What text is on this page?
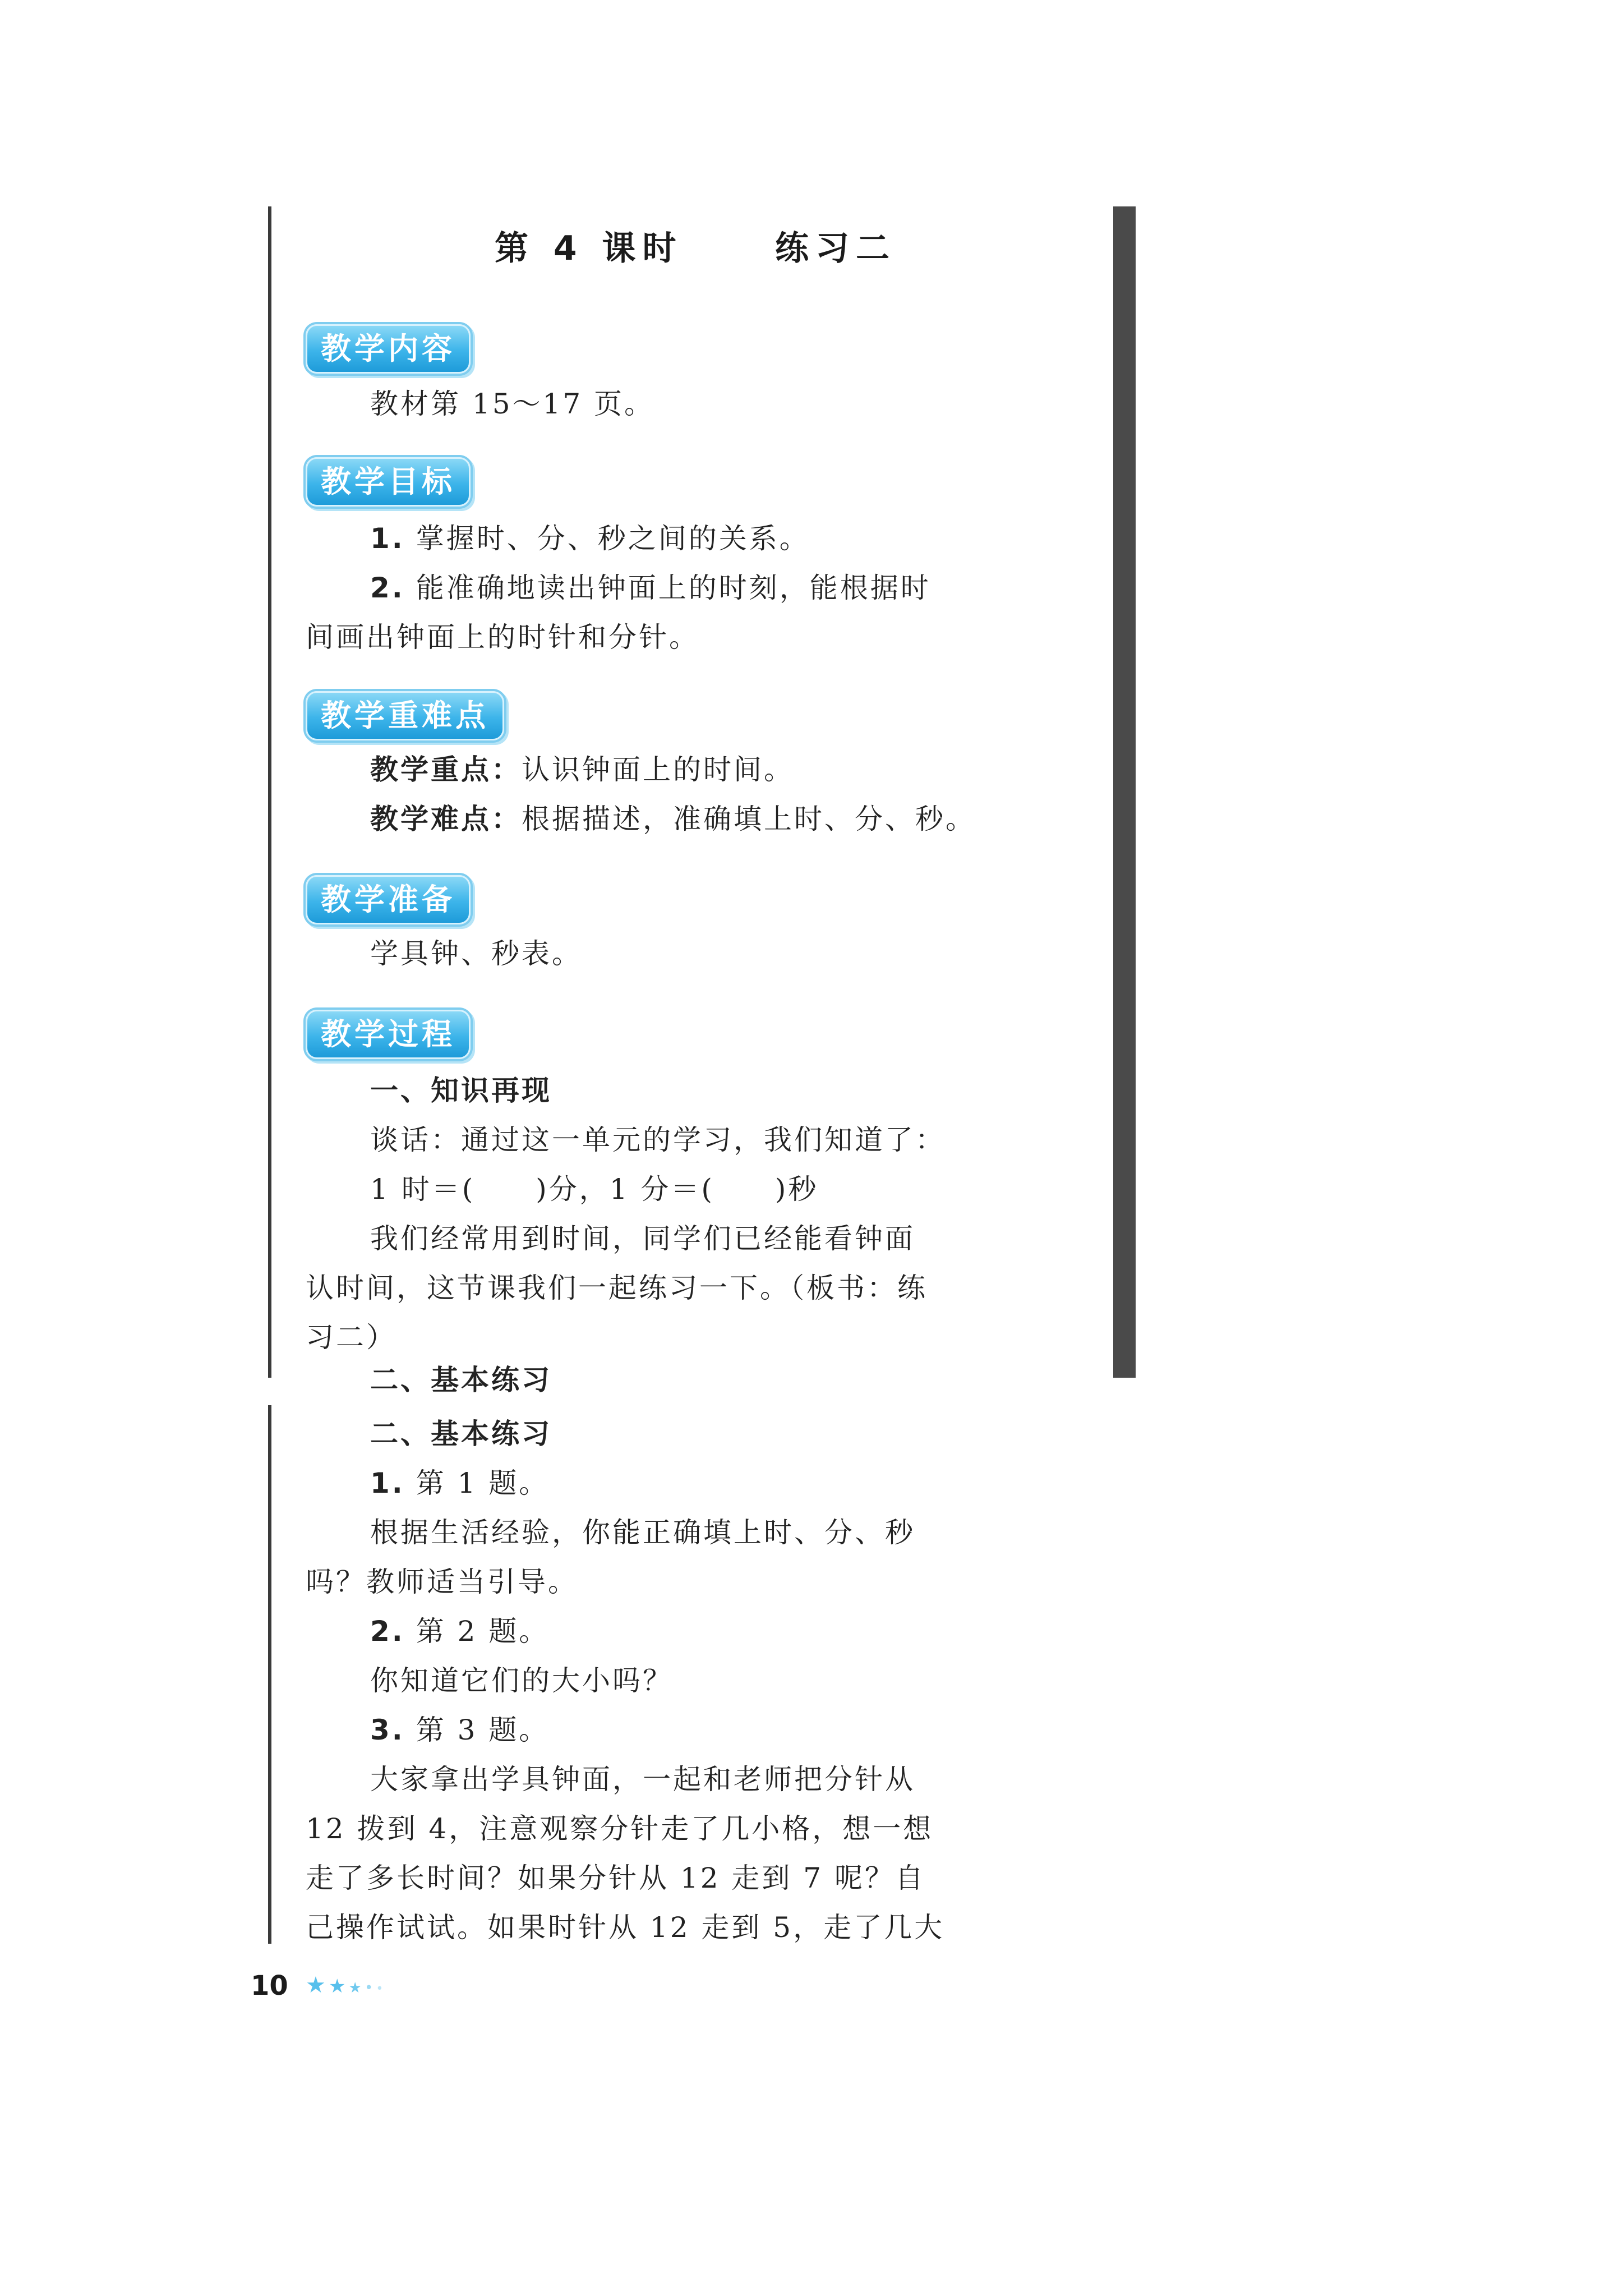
第 4 课时     练习二
教学内容
教材第 15～17 页。
教学目标
1. 掌握时、分、秒之间的关系。
2. 能准确地读出钟面上的时刻，能根据时
间画出钟面上的时针和分针。
教学重难点
教学重点：认识钟面上的时间。
教学难点：根据描述，准确填上时、分、秒。
教学准备
学具钟、秒表。
教学过程
一、知识再现
谈话：通过这一单元的学习，我们知道了：
1 时＝(　　)分，1 分＝(　　)秒
我们经常用到时间，同学们已经能看钟面
认时间，这节课我们一起练习一下。（板书：练
习二）
二、基本练习
二、基本练习
1. 第 1 题。
根据生活经验，你能正确填上时、分、秒
吗？教师适当引导。
2. 第 2 题。
你知道它们的大小吗？
3. 第 3 题。
大家拿出学具钟面，一起和老师把分针从
12 拨到 4，注意观察分针走了几小格，想一想
走了多长时间？如果分针从 12 走到 7 呢？自
己操作试试。如果时针从 12 走到 5，走了几大
10 ★ ★ ★ • •
